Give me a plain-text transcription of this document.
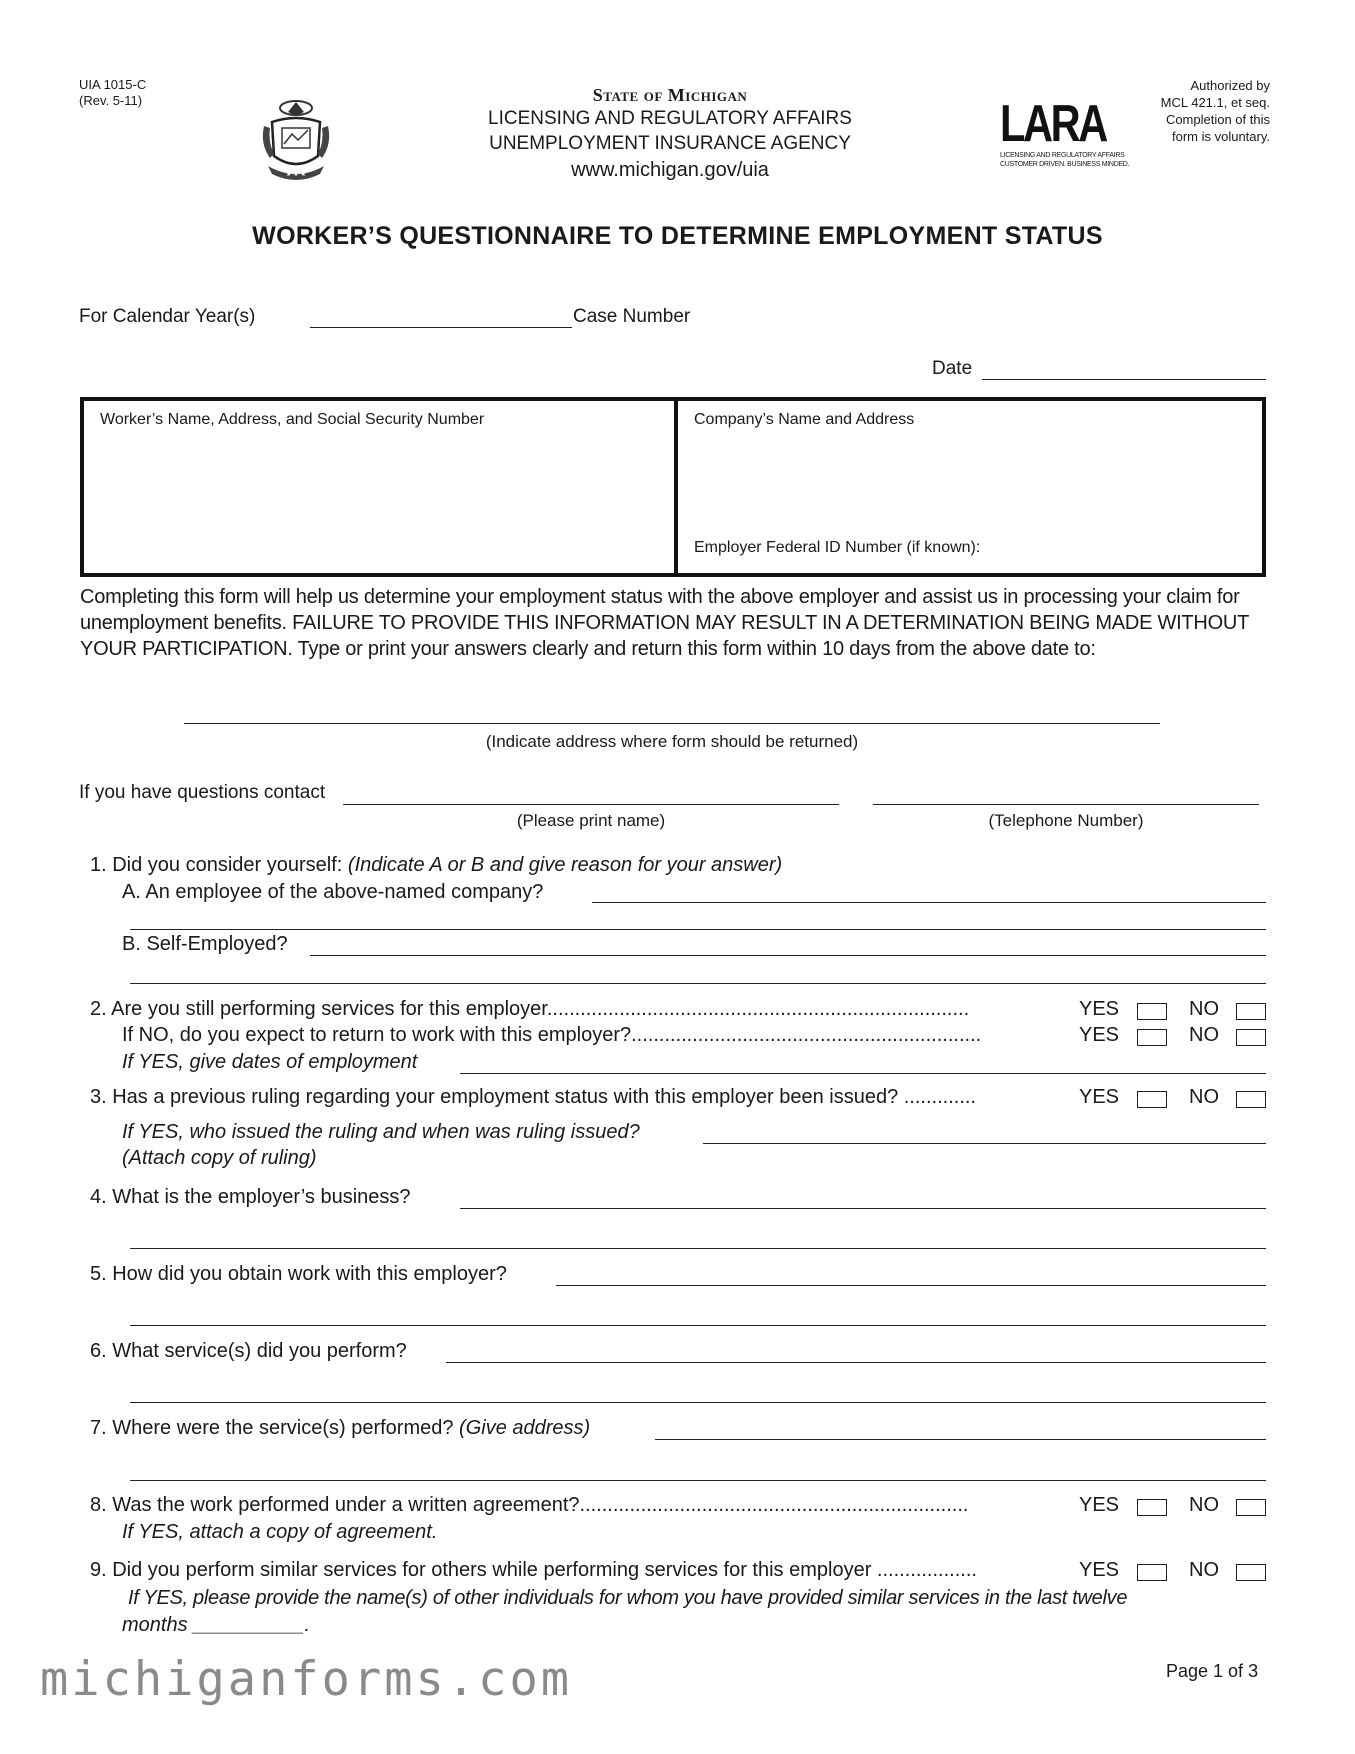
UIA 1015-C
(Rev. 5-11)
★ ★ ★
State of Michigan
LICENSING AND REGULATORY AFFAIRS
UNEMPLOYMENT INSURANCE AGENCY
www.michigan.gov/uia
LARA
LICENSING AND REGULATORY AFFAIRS
CUSTOMER DRIVEN. BUSINESS MINDED.
Authorized by
MCL 421.1, et seq.
Completion of this
form is voluntary.
WORKER’S QUESTIONNAIRE TO DETERMINE EMPLOYMENT STATUS
For Calendar Year(s)	Case Number
Date
Worker’s Name, Address, and Social Security Number	Company’s Name and Address
Employer Federal ID Number (if known):
Completing this form will help us determine your employment status with the above employer and assist us in processing your claim for unemployment benefits. FAILURE TO PROVIDE THIS INFORMATION MAY RESULT IN A DETERMINATION BEING MADE WITHOUT YOUR PARTICIPATION. Type or print your answers clearly and return this form within 10 days from the above date to:
(Indicate address where form should be returned)
If you have questions contact
(Please print name)	(Telephone Number)
1. Did you consider yourself: (Indicate A or B and give reason for your answer)
A. An employee of the above-named company?
B. Self-Employed?
2. Are you still performing services for this employer............................................................................	YES	NO
If NO, do you expect to return to work with this employer?...............................................................	YES	NO
If YES, give dates of employment
3. Has a previous ruling regarding your employment status with this employer been issued? .............	YES	NO
If YES, who issued the ruling and when was ruling issued?
(Attach copy of ruling)
4. What is the employer’s business?
5. How did you obtain work with this employer?
6. What service(s) did you perform?
7. Where were the service(s) performed? (Give address)
8. Was the work performed under a written agreement?......................................................................	YES	NO
If YES, attach a copy of agreement.
9. Did you perform similar services for others while performing services for this employer ..................	YES	NO
If YES, please provide the name(s) of other individuals for whom you have provided similar services in the last twelve
months __________.
michiganforms.com	Page 1 of 3
